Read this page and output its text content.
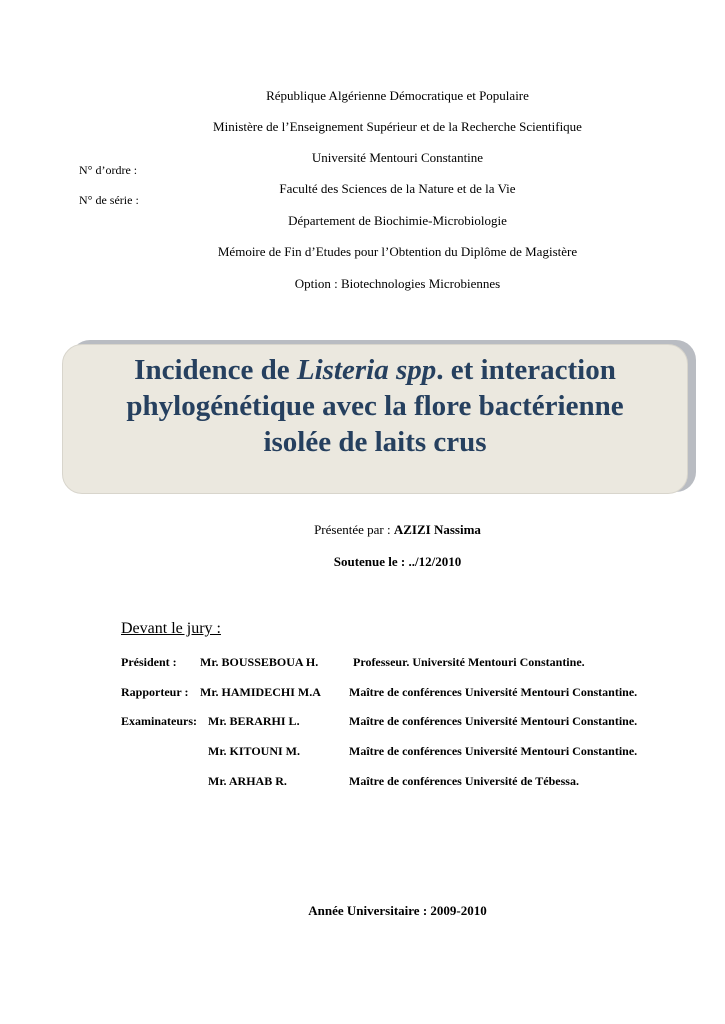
République Algérienne Démocratique et Populaire
Ministère de l’Enseignement Supérieur et de la Recherche Scientifique
Université Mentouri Constantine
Faculté des Sciences de la Nature et de la Vie
Département de Biochimie-Microbiologie
Mémoire de Fin d’Etudes pour l’Obtention du Diplôme de Magistère
Option : Biotechnologies Microbiennes
N° d’ordre :
N° de série :
Incidence de Listeria spp. et interaction
phylogénétique avec la flore bactérienne
isolée de laits crus
Présentée par : AZIZI Nassima
Soutenue le : ../12/2010
Devant le jury :
Président : Mr. BOUSSEBOUA H.	Professeur. Université Mentouri Constantine.
Rapporteur : Mr. HAMIDECHI M.A Maître de conférences Université Mentouri Constantine.
Examinateurs: Mr. BERARHI L.	Maître de conférences Université Mentouri Constantine.
Mr. KITOUNI M.	Maître de conférences Université Mentouri Constantine.
Mr. ARHAB R.	Maître de conférences Université de Tébessa.
Année Universitaire : 2009-2010
